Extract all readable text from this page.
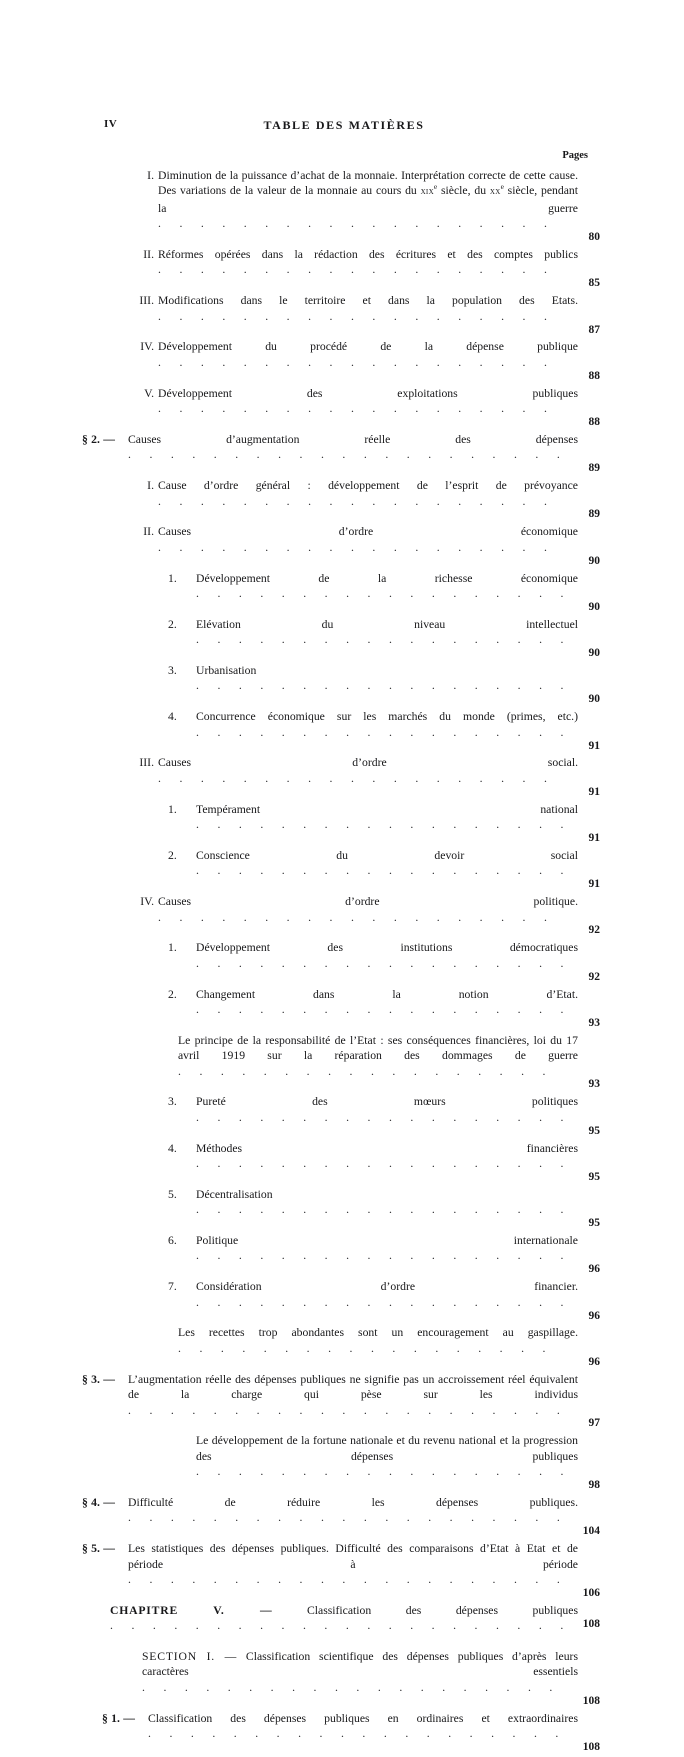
IV	TABLE DES MATIÈRES
Pages
I. Diminution de la puissance d’achat de la monnaie. Interprétation correcte de cette cause. Des variations de la valeur de la monnaie au cours du xix$^e$ siècle, du $xx^e$ siècle, pendant la guerre . . . . . . . . . . . . . . . . . . .
80
II. Réformes opérées dans la rédaction des écritures et des comptes publics . . . . . . . . . . . . . . . . . . .
85
III. Modifications dans le territoire et dans la population des Etats. . . . . . . . . . . . . . . . . . . .
87
IV. Développement du procédé de la dépense publique . . . . . . . . . . . . . . . . . . .
88
V. Développement des exploitations publiques . . . . . . . . . . . . . . . . . . .
88
§ 2. — Causes d’augmentation réelle des dépenses . . . . . . . . . . . . . . . . . . . . .
89
I. Cause d’ordre général : développement de l’esprit de prévoyance . . . . . . . . . . . . . . . . . . .
89
II. Causes d’ordre économique . . . . . . . . . . . . . . . . . . .
90
1. Développement de la richesse économique . . . . . . . . . . . . . . . . . .
90
2. Elévation du niveau intellectuel . . . . . . . . . . . . . . . . . .
90
3. Urbanisation . . . . . . . . . . . . . . . . . .
90
4. Concurrence économique sur les marchés du monde (primes, etc.) . . . . . . . . . . . . . . . . . .
91
III. Causes d’ordre social. . . . . . . . . . . . . . . . . . . .
91
1. Tempérament national . . . . . . . . . . . . . . . . . .
91
2. Conscience du devoir social . . . . . . . . . . . . . . . . . .
91
IV. Causes d’ordre politique. . . . . . . . . . . . . . . . . . . .
92
1. Développement des institutions démocratiques . . . . . . . . . . . . . . . . . .
92
2. Changement dans la notion d’Etat. . . . . . . . . . . . . . . . . . .
93
Le principe de la responsabilité de l’Etat : ses conséquences financières, loi du 17 avril 1919 sur la réparation des dommages de guerre . . . . . . . . . . . . . . . . . .
93
3. Pureté des mœurs politiques . . . . . . . . . . . . . . . . . .
95
4. Méthodes financières . . . . . . . . . . . . . . . . . .
95
5. Décentralisation . . . . . . . . . . . . . . . . . .
95
6. Politique internationale . . . . . . . . . . . . . . . . . .
96
7. Considération d’ordre financier. . . . . . . . . . . . . . . . . . .
96
Les recettes trop abondantes sont un encouragement au gaspillage. . . . . . . . . . . . . . . . . . .
96
§ 3. — L’augmentation réelle des dépenses publiques ne signifie pas un accroissement réel équivalent de la charge qui pèse sur les individus . . . . . . . . . . . . . . . . . . . . .
97
Le développement de la fortune nationale et du revenu national et la progression des dépenses publiques . . . . . . . . . . . . . . . . . .
98
§ 4. — Difficulté de réduire les dépenses publiques. . . . . . . . . . . . . . . . . . . . . .
104
§ 5. — Les statistiques des dépenses publiques. Difficulté des comparaisons d’Etat à Etat et de période à période . . . . . . . . . . . . . . . . . . . . .
106
CHAPITRE V. — Classification des dépenses publiques . . . . . . . . . . . . . . . . . . . . . .	108
SECTION I. — Classification scientifique des dépenses publiques d’après leurs caractères essentiels . . . . . . . . . . . . . . . . . . . .
108
§ 1. — Classification des dépenses publiques en ordinaires et extraordinaires . . . . . . . . . . . . . . . . . . . .
108
